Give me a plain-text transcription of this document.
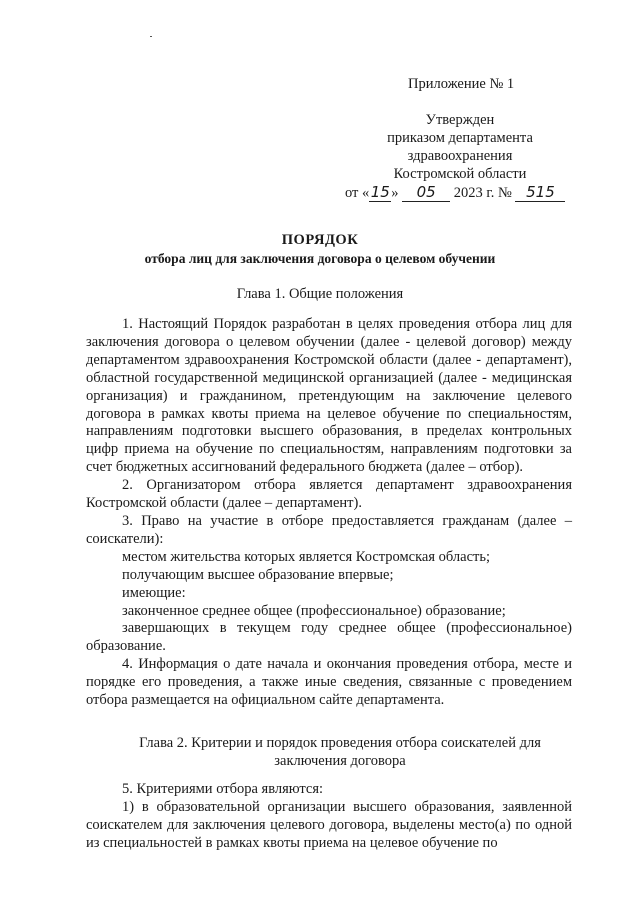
Приложение № 1
Утвержден
приказом департамента
здравоохранения
Костромской области
от «15» 05 2023 г. № 515
ПОРЯДОК
отбора лиц для заключения договора о целевом обучении
Глава 1. Общие положения

1. Настоящий Порядок разработан в целях проведения отбора лиц для заключения договора о целевом обучении (далее - целевой договор) между департаментом здравоохранения Костромской области (далее - департамент), областной государственной медицинской организацией (далее - медицинская организация) и гражданином, претендующим на заключение целевого договора в рамках квоты приема на целевое обучение по специальностям, направлениям подготовки высшего образования, в пределах контрольных цифр приема на обучение по специальностям, направлениям подготовки за счет бюджетных ассигнований федерального бюджета (далее – отбор).

2. Организатором отбора является департамент здравоохранения Костромской области (далее – департамент).

3. Право на участие в отборе предоставляется гражданам (далее – соискатели):

местом жительства которых является Костромская область;

получающим высшее образование впервые;

имеющие:

законченное среднее общее (профессиональное) образование;

завершающих в текущем году среднее общее (профессиональное) образование.

4. Информация о дате начала и окончания проведения отбора, месте и порядке его проведения, а также иные сведения, связанные с проведением отбора размещается на официальном сайте департамента.

Глава 2. Критерии и порядок проведения отбора соискателей для заключения договора

5. Критериями отбора являются:

1) в образовательной организации высшего образования, заявленной соискателем для заключения целевого договора, выделены место(а) по одной из специальностей в рамках квоты приема на целевое обучение по
